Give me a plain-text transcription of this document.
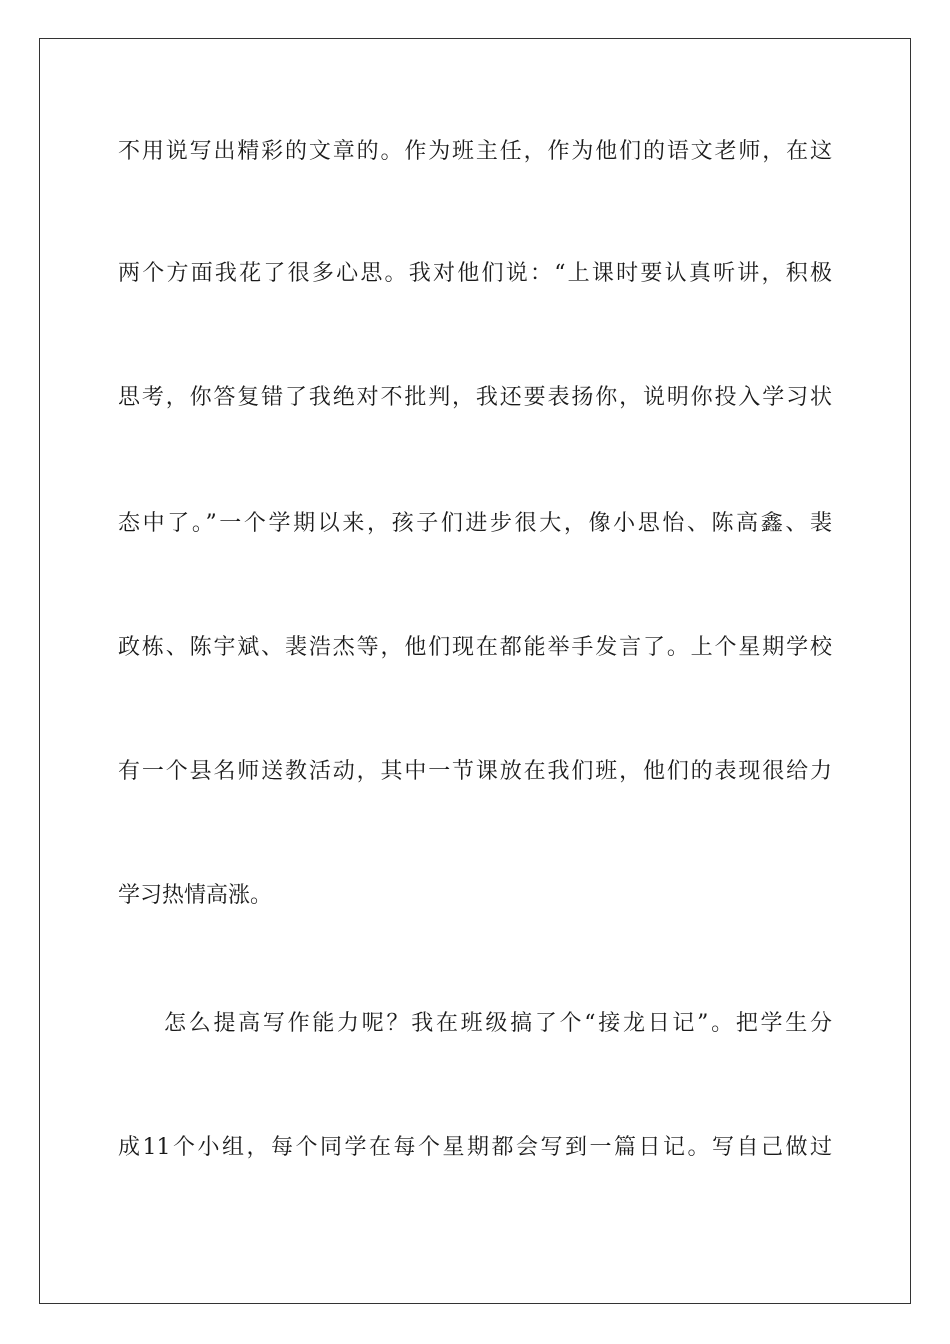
不用说写出精彩的文章的。作为班主任，作为他们的语文老师，在这
两个方面我花了很多心思。我对他们说：“上课时要认真听讲，积极
思考，你答复错了我绝对不批判，我还要表扬你，说明你投入学习状
态中了。”一个学期以来，孩子们进步很大，像小思怡、陈高鑫、裴
政栋、陈宇斌、裴浩杰等，他们现在都能举手发言了。上个星期学校
有一个县名师送教活动，其中一节课放在我们班，他们的表现很给力
学习热情高涨。
怎么提高写作能力呢？我在班级搞了个“接龙日记”。把学生分
成11个小组，每个同学在每个星期都会写到一篇日记。写自己做过
